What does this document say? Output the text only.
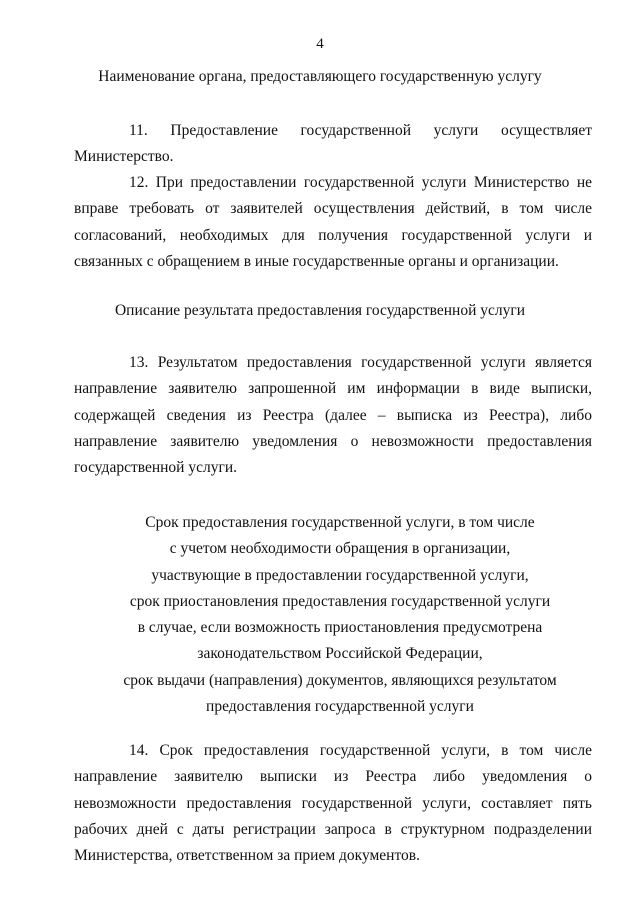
4
Наименование органа, предоставляющего государственную услугу

11. Предоставление государственной услуги осуществляет Министерство.

12. При предоставлении государственной услуги Министерство не вправе требовать от заявителей осуществления действий, в том числе согласований, необходимых для получения государственной услуги и связанных с обращением в иные государственные органы и организации.

Описание результата предоставления государственной услуги

13. Результатом предоставления государственной услуги является направление заявителю запрошенной им информации в виде выписки, содержащей сведения из Реестра (далее – выписка из Реестра), либо направление заявителю уведомления о невозможности предоставления государственной услуги.

Срок предоставления государственной услуги, в том числе
с учетом необходимости обращения в организации,
участвующие в предоставлении государственной услуги,
срок приостановления предоставления государственной услуги
в случае, если возможность приостановления предусмотрена
законодательством Российской Федерации,
срок выдачи (направления) документов, являющихся результатом
предоставления государственной услуги

14. Срок предоставления государственной услуги, в том числе направление заявителю выписки из Реестра либо уведомления о невозможности предоставления государственной услуги, составляет пять рабочих дней с даты регистрации запроса в структурном подразделении Министерства, ответственном за прием документов.
